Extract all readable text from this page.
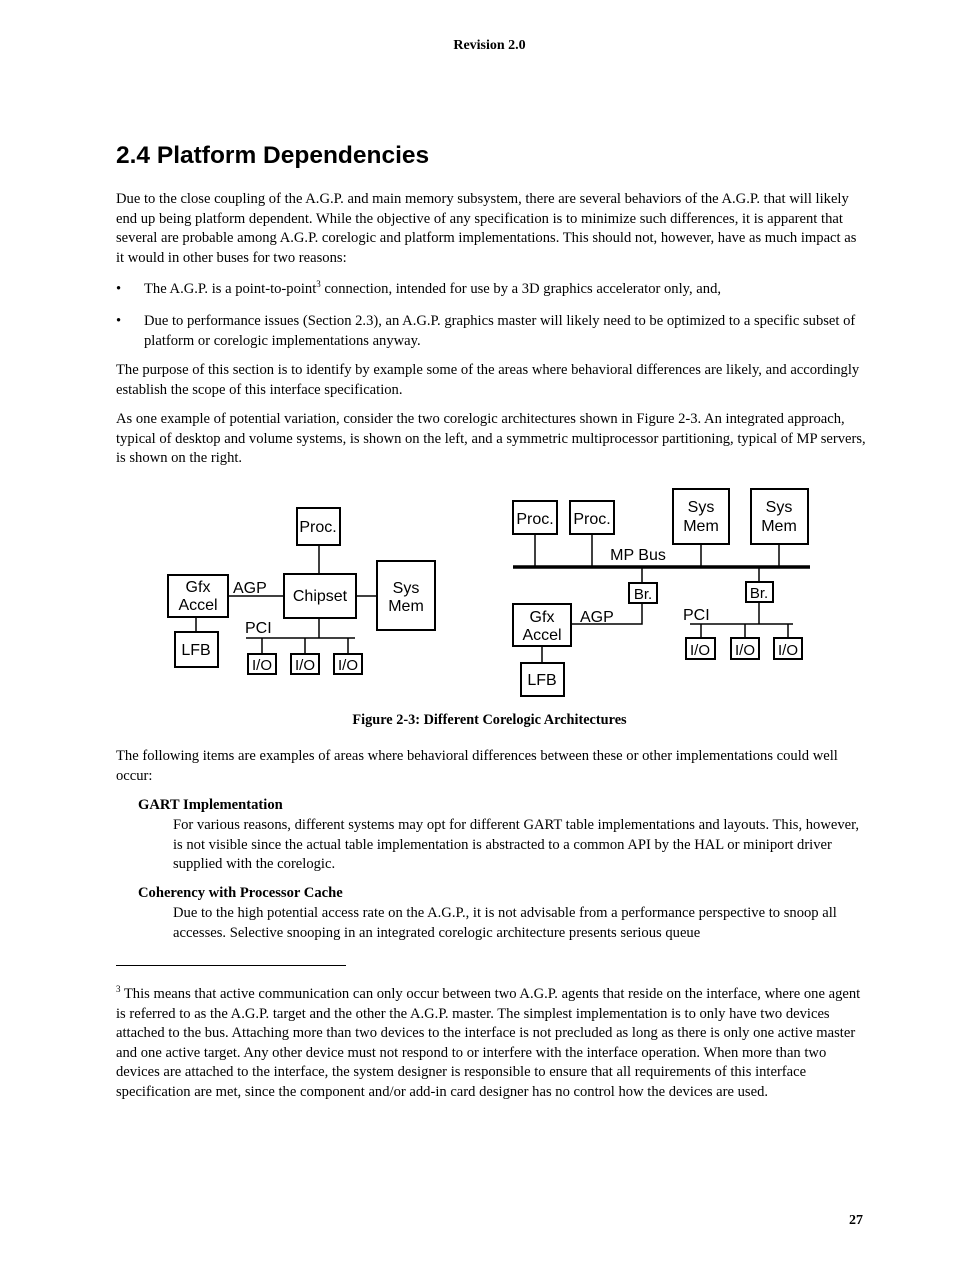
Revision 2.0
2.4 Platform Dependencies

Due to the close coupling of the A.G.P. and main memory subsystem, there are several behaviors of the A.G.P. that will likely end up being platform dependent. While the objective of any specification is to minimize such differences, it is apparent that several are probable among A.G.P. corelogic and platform implementations. This should not, however, have as much impact as it would in other buses for two reasons:

• The A.G.P. is a point-to-point$^3$ connection, intended for use by a 3D graphics accelerator only, and,
• Due to performance issues (Section 2.3), an A.G.P. graphics master will likely need to be optimized to a specific subset of platform or corelogic implementations anyway.

The purpose of this section is to identify by example some of the areas where behavioral differences are likely, and accordingly establish the scope of this interface specification.

As one example of potential variation, consider the two corelogic architectures shown in Figure 2-3. An integrated approach, typical of desktop and volume systems, is shown on the left, and a symmetric multiprocessor partitioning, typical of MP servers, is shown on the right.

Proc.
Chipset
Gfx
Accel
AGP	Sys
Mem
PCI
LFB
I/O I/O I/O
Proc. Proc.
Sys
Mem
Sys
Mem
MP Bus
Br.	Br.
Gfx
Accel
AGP	PCI
LFB
I/O I/O I/O
Figure 2-3: Different Corelogic Architectures

The following items are examples of areas where behavioral differences between these or other implementations could well occur:

GART Implementation
For various reasons, different systems may opt for different GART table implementations and layouts. This, however, is not visible since the actual table implementation is abstracted to a common API by the HAL or miniport driver supplied with the corelogic.
Coherency with Processor Cache
Due to the high potential access rate on the A.G.P., it is not advisable from a performance perspective to snoop all accesses. Selective snooping in an integrated corelogic architecture presents serious queue
$^3$ This means that active communication can only occur between two A.G.P. agents that reside on the interface, where one agent is referred to as the A.G.P. target and the other the A.G.P. master. The simplest implementation is to only have two devices attached to the bus. Attaching more than two devices to the interface is not precluded as long as there is only one active master and one active target. Any other device must not respond to or interfere with the interface operation. When more than two devices are attached to the interface, the system designer is responsible to ensure that all requirements of this interface specification are met, since the component and/or add-in card designer has no control how the devices are used.
27
